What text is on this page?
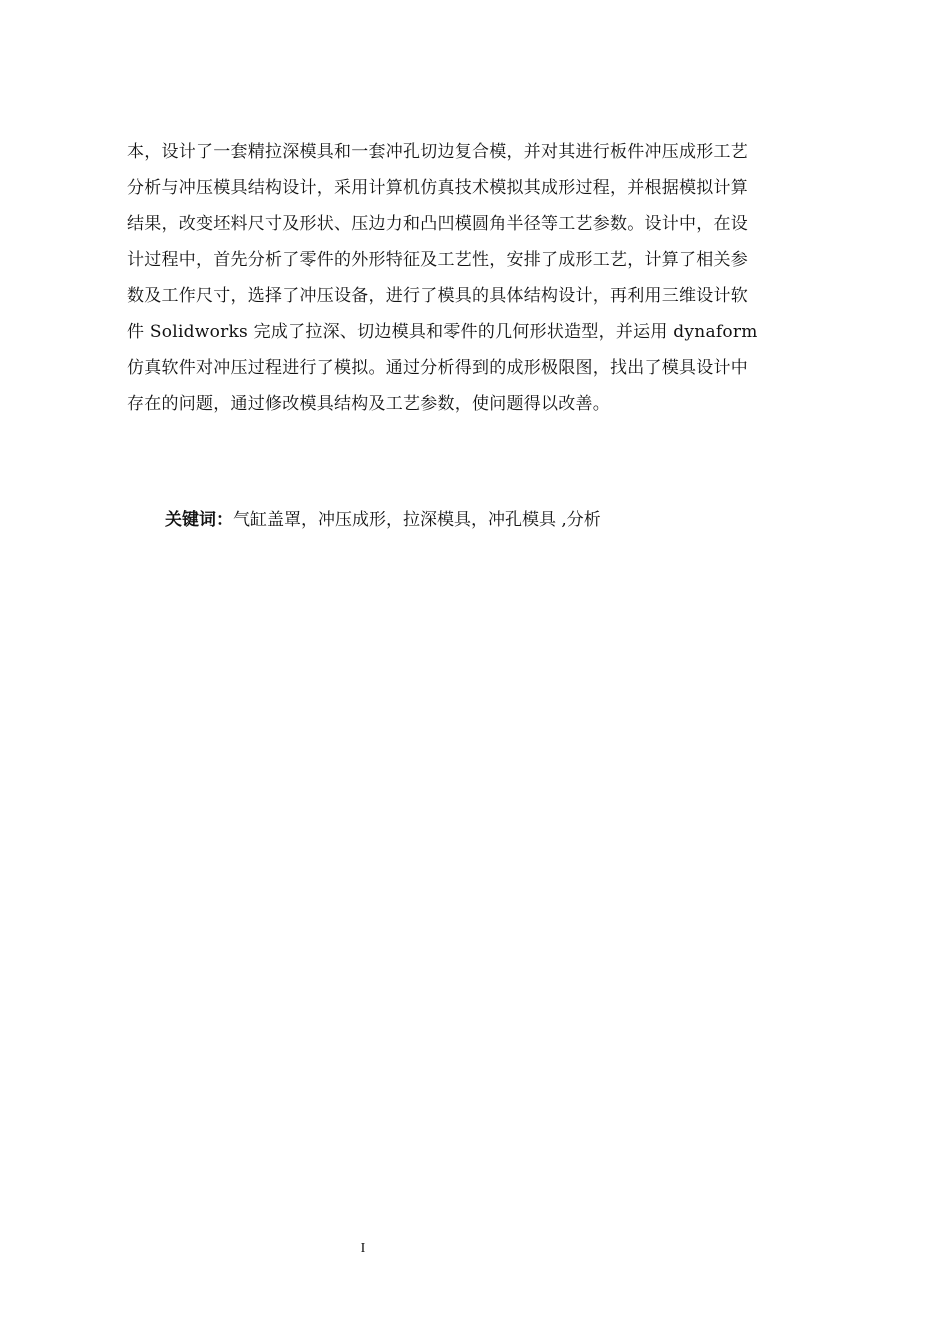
本，设计了一套精拉深模具和一套冲孔切边复合模，并对其进行板件冲压成形工艺
分析与冲压模具结构设计，采用计算机仿真技术模拟其成形过程，并根据模拟计算
结果，改变坯料尺寸及形状、压边力和凸凹模圆角半径等工艺参数。设计中，在设
计过程中，首先分析了零件的外形特征及工艺性，安排了成形工艺，计算了相关参
数及工作尺寸，选择了冲压设备，进行了模具的具体结构设计，再利用三维设计软
件 Solidworks 完成了拉深、切边模具和零件的几何形状造型，并运用 dynaform
仿真软件对冲压过程进行了模拟。通过分析得到的成形极限图，找出了模具设计中
存在的问题，通过修改模具结构及工艺参数，使问题得以改善。
关键词：气缸盖罩，冲压成形，拉深模具，冲孔模具 ,分析
I
